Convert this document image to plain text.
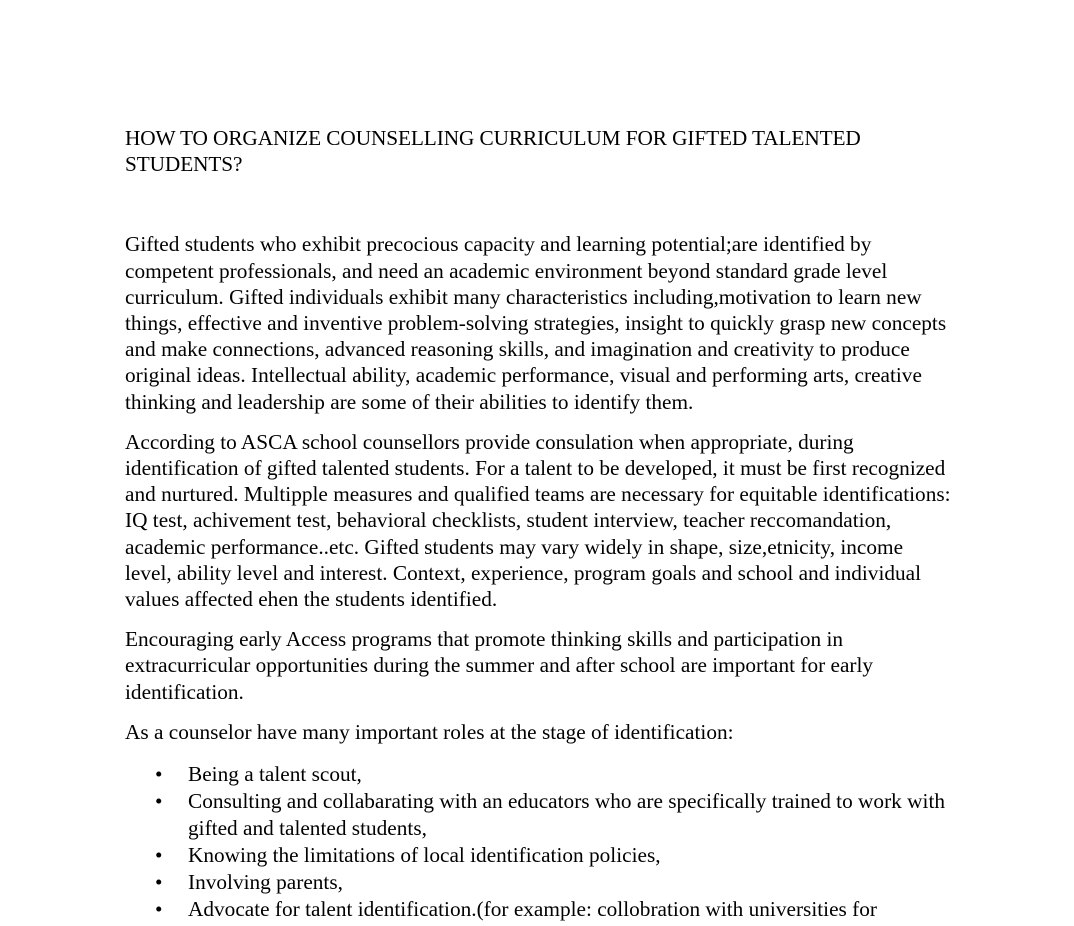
HOW TO ORGANIZE COUNSELLING CURRICULUM FOR GIFTED TALENTED STUDENTS?

Gifted students who exhibit precocious capacity and learning potential;are identified by competent professionals, and need an academic environment beyond standard grade level curriculum. Gifted individuals exhibit many characteristics including,motivation to learn new things, effective and inventive problem-solving strategies, insight to quickly grasp new concepts and make connections, advanced reasoning skills, and imagination and creativity to produce original ideas. Intellectual ability, academic performance, visual and performing arts, creative thinking and leadership are some of their abilities to identify them.

According to ASCA school counsellors provide consulation when appropriate, during identification of gifted talented students. For a talent to be developed, it must be first recognized and nurtured. Multipple measures and qualified teams are necessary for equitable identifications: IQ test, achivement test, behavioral checklists, student interview, teacher reccomandation, academic performance..etc. Gifted students may vary widely in shape, size,etnicity, income level, ability level and interest. Context, experience, program goals and school and individual values affected ehen the students identified.

Encouraging early Access programs that promote thinking skills and participation in extracurricular opportunities during the summer and after school are important for early identification.

As a counselor have many important roles at the stage of identification:

• Being a talent scout,
• Consulting and collabarating with an educators who are specifically trained to work with gifted and talented students,
• Knowing the limitations of local identification policies,
• Involving parents,
• Advocate for talent identification.(for example: collobration with universities for
